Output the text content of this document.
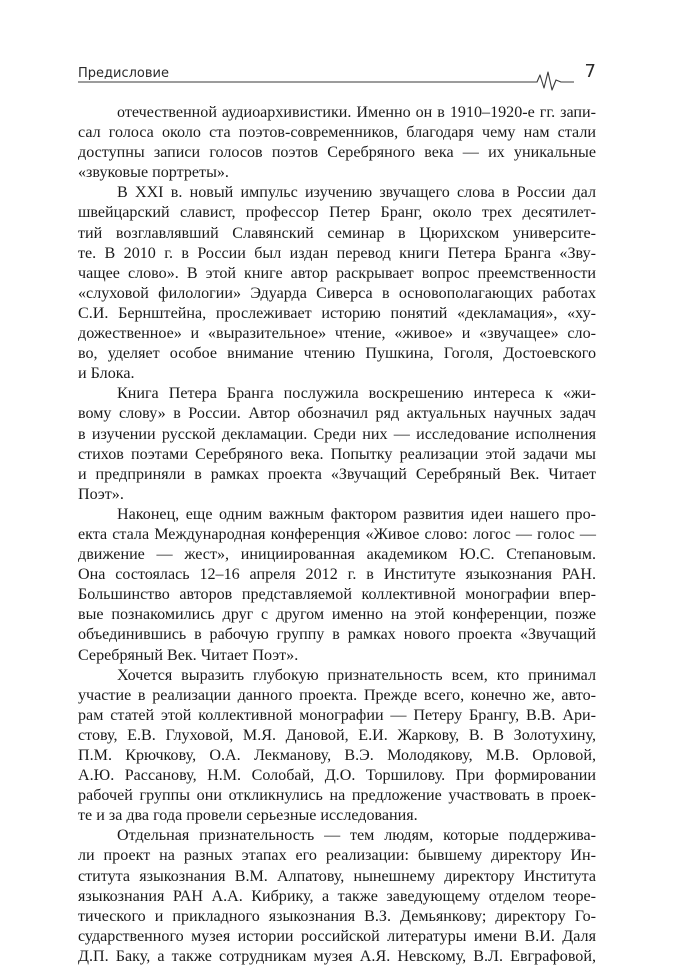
Предисловие	7
отечественной аудиоархивистики. Именно он в 1910–1920-е гг. запи-
сал голоса около ста поэтов-современников, благодаря чему нам стали
доступны записи голосов поэтов Серебряного века — их уникальные
«звуковые портреты».
В XXI в. новый импульс изучению звучащего слова в России дал
швейцарский славист, профессор Петер Бранг, около трех десятилет-
тий возглавлявший Славянский семинар в Цюрихском университе-
те. В 2010 г. в России был издан перевод книги Петера Бранга «Зву-
чащее слово». В этой книге автор раскрывает вопрос преемственности
«слуховой филологии» Эдуарда Сиверса в основополагающих работах
С.И. Бернштейна, прослеживает историю понятий «декламация», «ху-
дожественное» и «выразительное» чтение, «живое» и «звучащее» сло-
во, уделяет особое внимание чтению Пушкина, Гоголя, Достоевского
и Блока.
Книга Петера Бранга послужила воскрешению интереса к «жи-
вому слову» в России. Автор обозначил ряд актуальных научных задач
в изучении русской декламации. Среди них — исследование исполнения
стихов поэтами Серебряного века. Попытку реализации этой задачи мы
и предприняли в рамках проекта «Звучащий Серебряный Век. Читает
Поэт».
Наконец, еще одним важным фактором развития идеи нашего про-
екта стала Международная конференция «Живое слово: логос — голос —
движение — жест», инициированная академиком Ю.С. Степановым.
Она состоялась 12–16 апреля 2012 г. в Институте языкознания РАН.
Большинство авторов представляемой коллективной монографии впер-
вые познакомились друг с другом именно на этой конференции, позже
объединившись в рабочую группу в рамках нового проекта «Звучащий
Серебряный Век. Читает Поэт».
Хочется выразить глубокую признательность всем, кто принимал
участие в реализации данного проекта. Прежде всего, конечно же, авто-
рам статей этой коллективной монографии — Петеру Брангу, В.В. Ари-
стову, Е.В. Глуховой, М.Я. Дановой, Е.И. Жаркову, В. В Золотухину,
П.М. Крючкову, О.А. Лекманову, В.Э. Молодякову, М.В. Орловой,
А.Ю. Рассанову, Н.М. Солобай, Д.О. Торшилову. При формировании
рабочей группы они откликнулись на предложение участвовать в проек-
те и за два года провели серьезные исследования.
Отдельная признательность — тем людям, которые поддержива-
ли проект на разных этапах его реализации: бывшему директору Ин-
ститута языкознания В.М. Алпатову, нынешнему директору Института
языкознания РАН А.А. Кибрику, а также заведующему отделом теоре-
тического и прикладного языкознания В.З. Демьянкову; директору Го-
сударственного музея истории российской литературы имени В.И. Даля
Д.П. Баку, а также сотрудникам музея А.Я. Невскому, В.Л. Евграфовой,
